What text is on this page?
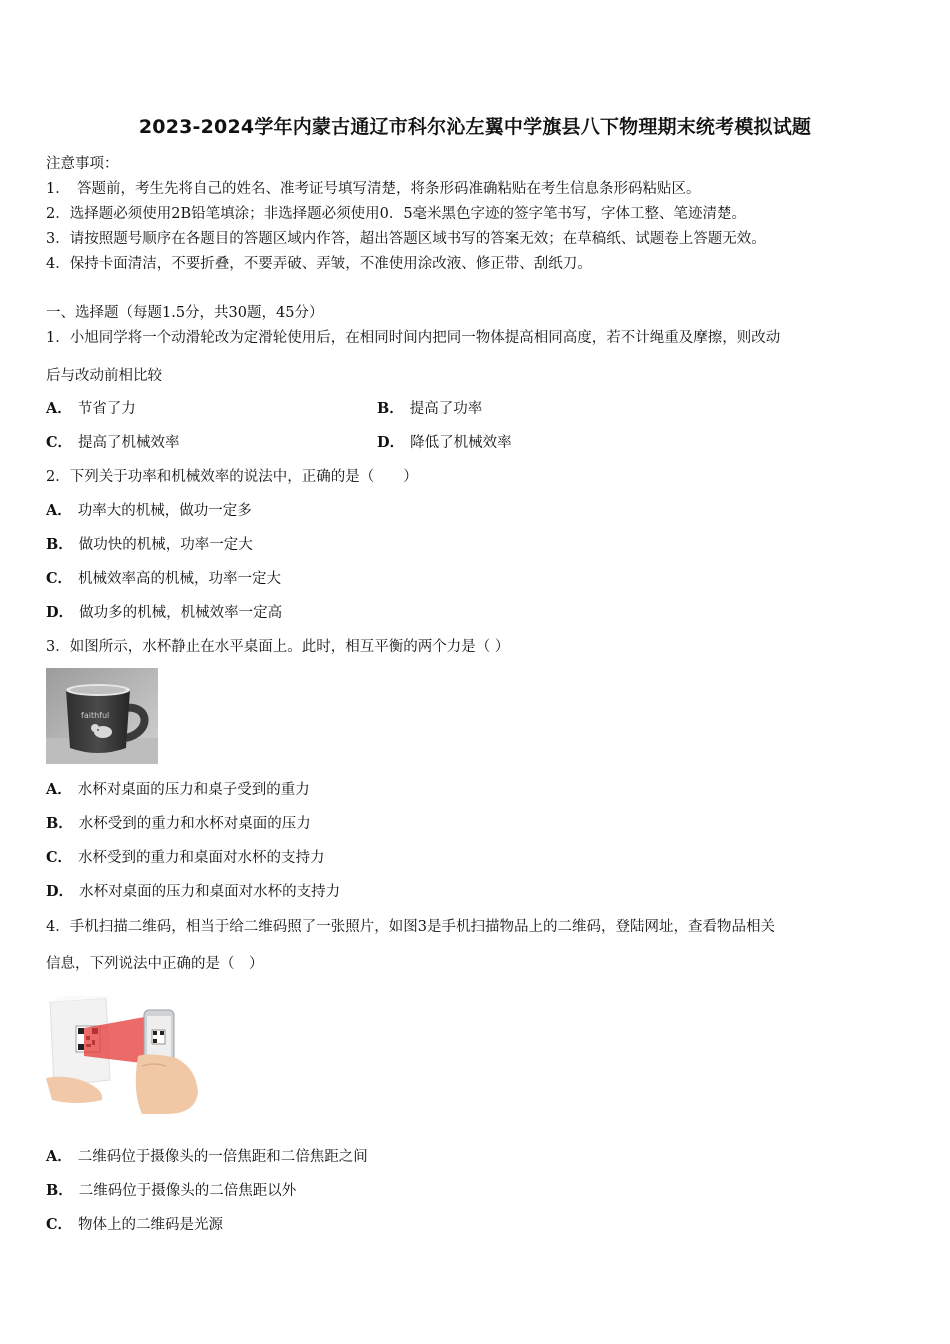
2023-2024学年内蒙古通辽市科尔沁左翼中学旗县八下物理期末统考模拟试题
注意事项：
1．　答题前，考生先将自己的姓名、准考证号填写清楚，将条形码准确粘贴在考生信息条形码粘贴区。
2．选择题必须使用2B铅笔填涂；非选择题必须使用0．5毫米黑色字迹的签字笔书写，字体工整、笔迹清楚。
3．请按照题号顺序在各题目的答题区域内作答，超出答题区域书写的答案无效；在草稿纸、试题卷上答题无效。
4．保持卡面清洁，不要折叠，不要弄破、弄皱，不准使用涂改液、修正带、刮纸刀。
一、选择题（每题1.5分，共30题，45分）
1．小旭同学将一个动滑轮改为定滑轮使用后，在相同时间内把同一物体提高相同高度，若不计绳重及摩擦，则改动
后与改动前相比较
A． 节省了力	B． 提高了功率
C． 提高了机械效率	D． 降低了机械效率
2．下列关于功率和机械效率的说法中，正确的是（　　）
A． 功率大的机械，做功一定多
B． 做功快的机械，功率一定大
C． 机械效率高的机械，功率一定大
D． 做功多的机械，机械效率一定高
3．如图所示，水杯静止在水平桌面上。此时，相互平衡的两个力是（ ）
faithful
A． 水杯对桌面的压力和桌子受到的重力
B． 水杯受到的重力和水杯对桌面的压力
C． 水杯受到的重力和桌面对水杯的支持力
D． 水杯对桌面的压力和桌面对水杯的支持力
4．手机扫描二维码，相当于给二维码照了一张照片，如图3是手机扫描物品上的二维码，登陆网址，查看物品相关
信息，下列说法中正确的是（　）
A． 二维码位于摄像头的一倍焦距和二倍焦距之间
B． 二维码位于摄像头的二倍焦距以外
C． 物体上的二维码是光源
